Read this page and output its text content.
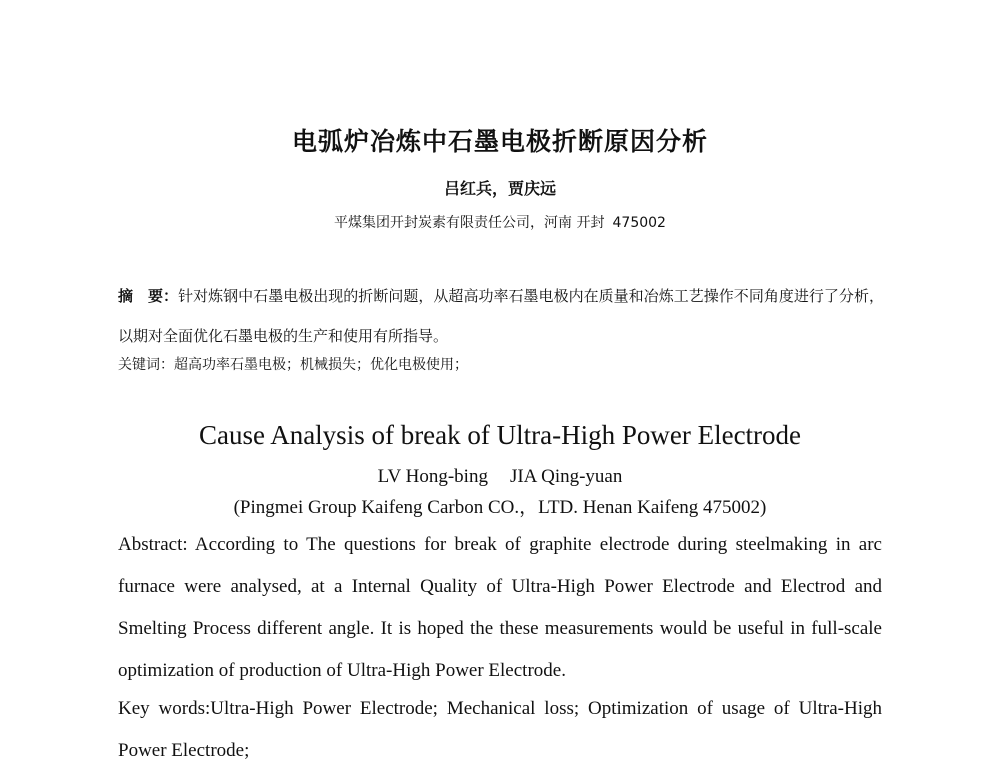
电弧炉冶炼中石墨电极折断原因分析
吕红兵，贾庆远
平煤集团开封炭素有限责任公司，河南 开封 475002
摘　要：针对炼钢中石墨电极出现的折断问题，从超高功率石墨电极内在质量和冶炼工艺操作不同角度进行了分析，以期对全面优化石墨电极的生产和使用有所指导。
关键词：超高功率石墨电极；机械损失；优化电极使用；
Cause Analysis of break of Ultra-High Power Electrode
LV Hong-bing JIA Qing-yuan
(Pingmei Group Kaifeng Carbon CO.，LTD. Henan Kaifeng 475002)
Abstract: According to The questions for break of graphite electrode during steelmaking in arc furnace were analysed, at a Internal Quality of Ultra-High Power Electrode and Electrod and Smelting Process different angle. It is hoped the these measurements would be useful in full-scale optimization of production of Ultra-High Power Electrode.
Key words:Ultra-High Power Electrode; Mechanical loss; Optimization of usage of Ultra-High Power Electrode;
